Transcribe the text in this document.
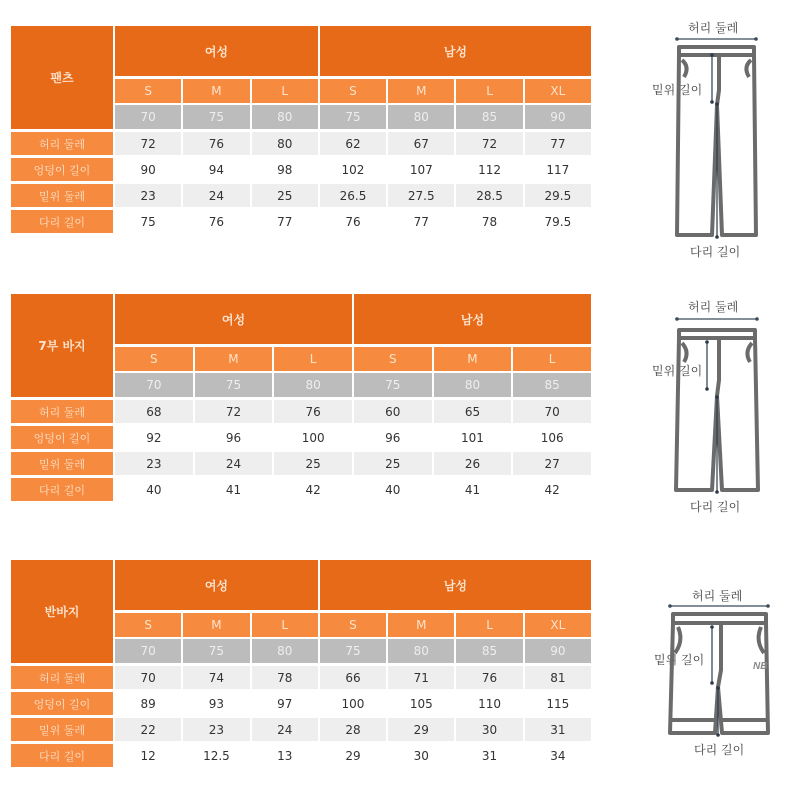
팬츠	여성			남성			
	S	M	L	S	M	L	XL
	70	75	80	75	80	85	90
허리 둘레	72	76	80	62	67	72	77
엉덩이 길이	90	94	98	102	107	112	117
밑위 둘레	23	24	25	26.5	27.5	28.5	29.5
다리 길이	75	76	77	76	77	78	79.5
7부 바지	여성			남성		
	S	M	L	S	M	L
	70	75	80	75	80	85
허리 둘레	68	72	76	60	65	70
엉덩이 길이	92	96	100	96	101	106
밑위 둘레	23	24	25	25	26	27
다리 길이	40	41	42	40	41	42
반바지	여성			남성			
	S	M	L	S	M	L	XL
	70	75	80	75	80	85	90
허리 둘레	70	74	78	66	71	76	81
엉덩이 길이	89	93	97	100	105	110	115
밑위 둘레	22	23	24	28	29	30	31
다리 길이	12	12.5	13	29	30	31	34
허리 둘레
밑위 길이
다리 길이
허리 둘레
밑위 길이
다리 길이
허리 둘레
밑위 길이
다리 길이
NB
